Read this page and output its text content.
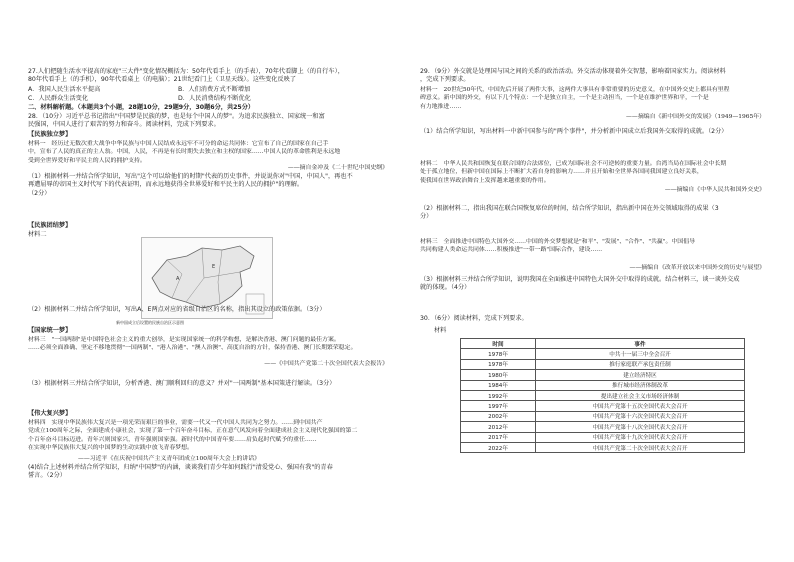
27.人们把随生活水平提高的家庭"三大件"变化情况概括为：50年代看手上（的手表），70年代看脚上（的自行车），
80年代看手上（的手机），90年代看桌上（的电脑）；21世纪看门上（卫星天线）。这些变化反映了
A．我国人民生活水平提高	B．人们消费方式不断增加
C．人民群众生活变化	D．人民消费结构不断优化
二、材料解析题。（本题共3个小题，28题10分，29题9分，30题6分，共25分）
28．（10分）习近平总书记指出"中国梦是民族的梦，也是每个中国人的梦"。为追求民族独立、国家统一和富
民强国，中国人进行了艰苦的努力和奋斗。阅读材料，完成下列要求。
【民族独立梦】
材料一　经历过无数次重大战争中华民族与中国人民结成永远牢不可分的命运共同体：它宣布了自己的国家在自己手
中，宣布了人民的真正的主人翁。中国，人民，不再是有长时期失去独立和主权的国家……中国人民的革命胜利是永远地
受到全世界爱好和平民主的人民的拥护支持。
——摘自金冲及《二十世纪中国史纲》
（1）根据材料一并结合所学知识，写出"这个可以给他们的时期"代表的历史事件，并说说你对"中国，中国人"，再也不
再遭屈辱的帝国主义时代写下的代表证明，而永远地获得全世界爱好和平民主的人民的拥护"的理解。
（2分）
【民族团结梦】
材料二
A
E
新中国成立后设置的民族自治区示意图
（2）根据材料二并结合所学知识，写出A、E两点对应的省级自治区的名称，指出其设立的政策依据。（3分）
【国家统一梦】
材料三　"一国两制"是中国特色社会主义的重大创举，是实现国家统一的科学构想，是解决香港、澳门问题的最佳方案。
……必须全面准确、坚定不移地贯彻"一国两制"、"港人治港"、"澳人治澳"、高度自治的方针，保持香港、澳门长期繁荣稳定。

——《中国共产党第二十次全国代表大会报告》
（3）根据材料三并结合所学知识，分析香港、澳门顺利回归的意义？并对"一国两制"基本国策进行解读。（3分）
【伟大复兴梦】
材料四　实现中华民族伟大复兴是一项光荣而艰巨的事业，需要一代又一代中国人共同为之努力。……到中国共产
党成立100周年之际，全面建成小康社会，实现了第一个百年奋斗目标，正在意气风发向着全面建成社会主义现代化强国的第二
个百年奋斗目标迈进。青年兴则国家兴，青年强则国家强。新时代的中国青年要……肩负起时代赋予的重任……
在实现中华民族伟大复兴的中国梦的生动实践中放飞青春梦想。
——习近平《在庆祝中国共产主义青年团成立100周年大会上的讲话》
(4)结合上述材料并结合所学知识，归纳"中国梦"的内涵，谈谈我们青少年如何践行"清爱党心、强国有我"的青春
誓言。（2分）
29．（9分）外交就是处理国与国之间的关系的政治活动。外交活动体现着外交智慧，影响着国家实力。阅读材料
，完成下列要求。
材料一　20世纪50年代，中国先后开展了两件大事，这两件大事具有非常重要的历史意义，在中国外交史上都具有里程
碑意义。新中国的外交，有以下几个特点：一个是独立自主，一个是主动担当，一个是在维护世界和平，一个是
有力地推进……
——摘编自《新中国外交的发展》（1949—1965年）
（1）结合所学知识，写出材料一中新中国参与的"两个事件"，并分析新中国成立后我国外交取得的成就。（2分）
材料二　中华人民共和国恢复在联合国的合法席位，已成为国际社会不可逆转的重要力量。台湾当局在国际社会中长期
处于孤立地位，但新中国在国际上不断扩大着自身的影响力……并且开始和全世界各国同我国建立良好关系，
使我国在世界政治舞台上发挥越来越重要的作用。
——摘编自《中华人民共和国外交史》
（2）根据材料二，指出我国在联合国恢复席位的时间，结合所学知识，指出新中国在外交领域取得的成果（3
分）
材料三　全面推进中国特色大国外交……中国的外交梦想就是"和平"、"发展"、"合作"、"共赢"。中国倡导
共同构建人类命运共同体……积极推进"一带一路"国际合作，建设……
——摘编自《改革开放以来中国外交的历史与展望》
（3）根据材料三并结合所学知识，说明我国在全面推进中国特色大国外交中取得的成就。结合材料三，谈一谈外交成
就的体现。（4分）
30．（6分）阅读材料，完成下列要求。
材料
时间	事件
1978年	中共十一届三中全会召开
1978年	推行家庭联产承包责任制
1980年	建立经济特区
1984年	推行城市经济体制改革
1992年	提出建立社会主义市场经济体制
1997年	中国共产党第十五次全国代表大会召开
2002年	中国共产党第十六次全国代表大会召开
2012年	中国共产党第十八次全国代表大会召开
2017年	中国共产党第十九次全国代表大会召开
2022年	中国共产党第二十次全国代表大会召开
